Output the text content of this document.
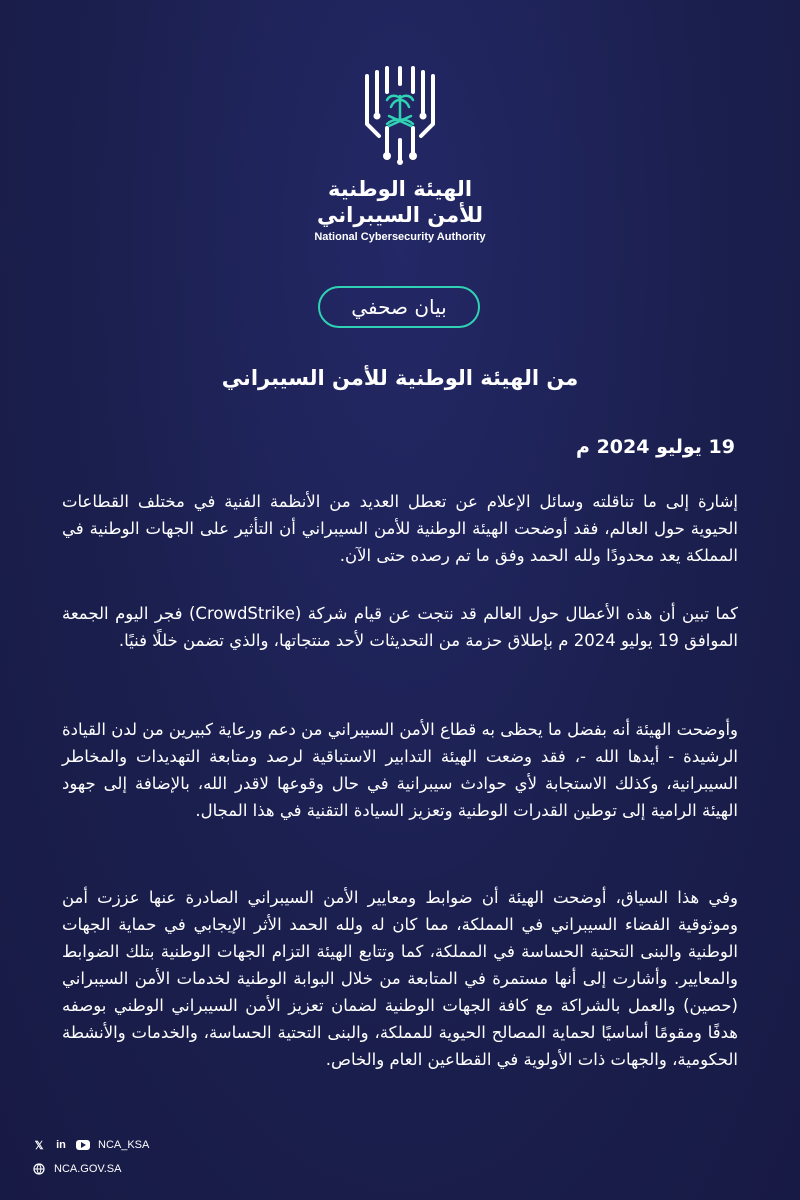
الهيئة الوطنية
للأمن السيبراني
National Cybersecurity Authority
بيان صحفي
من الهيئة الوطنية للأمن السيبراني
19 يوليو 2024 م
إشارة إلى ما تناقلته وسائل الإعلام عن تعطل العديد من الأنظمة الفنية في مختلف القطاعات الحيوية حول العالم، فقد أوضحت الهيئة الوطنية للأمن السيبراني أن التأثير على الجهات الوطنية في المملكة يعد محدودًا ولله الحمد وفق ما تم رصده حتى الآن.
كما تبين أن هذه الأعطال حول العالم قد نتجت عن قيام شركة (CrowdStrike) فجر اليوم الجمعة الموافق 19 يوليو 2024 م بإطلاق حزمة من التحديثات لأحد منتجاتها، والذي تضمن خللًا فنيًا.
وأوضحت الهيئة أنه بفضل ما يحظى به قطاع الأمن السيبراني من دعم ورعاية كبيرين من لدن القيادة الرشيدة - أيدها الله -، فقد وضعت الهيئة التدابير الاستباقية لرصد ومتابعة التهديدات والمخاطر السيبرانية، وكذلك الاستجابة لأي حوادث سيبرانية في حال وقوعها لاقدر الله، بالإضافة إلى جهود الهيئة الرامية إلى توطين القدرات الوطنية وتعزيز السيادة التقنية في هذا المجال.
وفي هذا السياق، أوضحت الهيئة أن ضوابط ومعايير الأمن السيبراني الصادرة عنها عززت أمن وموثوقية الفضاء السيبراني في المملكة، مما كان له ولله الحمد الأثر الإيجابي في حماية الجهات الوطنية والبنى التحتية الحساسة في المملكة، كما وتتابع الهيئة التزام الجهات الوطنية بتلك الضوابط والمعايير. وأشارت إلى أنها مستمرة في المتابعة من خلال البوابة الوطنية لخدمات الأمن السيبراني (حصين) والعمل بالشراكة مع كافة الجهات الوطنية لضمان تعزيز الأمن السيبراني الوطني بوصفه هدفًا ومقومًا أساسيًا لحماية المصالح الحيوية للمملكة، والبنى التحتية الحساسة، والخدمات والأنشطة الحكومية، والجهات ذات الأولوية في القطاعين العام والخاص.
𝕏 in	NCA_KSA
NCA.GOV.SA
